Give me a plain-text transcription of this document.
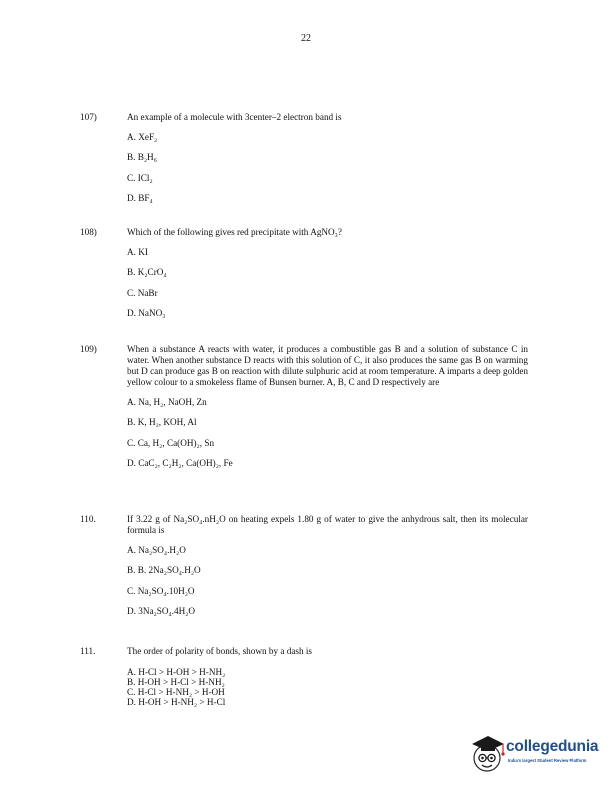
22
107)	An example of a molecule with 3center–2 electron band is
A. XeF₂
B. B₂H₆
C. ICl₂
D. BF₄
108)	Which of the following gives red precipitate with AgNO₃?
A. KI
B. K₂CrO₄
C. NaBr
D. NaNO₃
109)	When a substance A reacts with water, it produces a combustible gas B and a solution of substance C in water. When another substance D reacts with this solution of C, it also produces the same gas B on warming but D can produce gas B on reaction with dilute sulphuric acid at room temperature. A imparts a deep golden yellow colour to a smokeless flame of Bunsen burner. A, B, C and D respectively are
A. Na, H₂, NaOH, Zn
B. K, H₂, KOH, Al
C. Ca, H₂, Ca(OH)₂, Sn
D. CaC₂, C₂H₂, Ca(OH)₂, Fe
110.	If 3.22 g of Na₂SO₄.nH₂O on heating expels 1.80 g of water to give the anhydrous salt, then its molecular formula is
A. Na₂SO₄.H₂O
B. B. 2Na₂SO₄.H₂O
C. Na₂SO₄.10H₂O
D. 3Na₂SO₄.4H₂O
111.	The order of polarity of bonds, shown by a dash is
A. H-Cl > H-OH > H-NH₂
B. H-OH > H-Cl > H-NH₂
C. H-Cl > H-NH₂ > H-OH
D. H-OH > H-NH₂ > H-Cl
collegedunia
India's largest Student Review Platform
